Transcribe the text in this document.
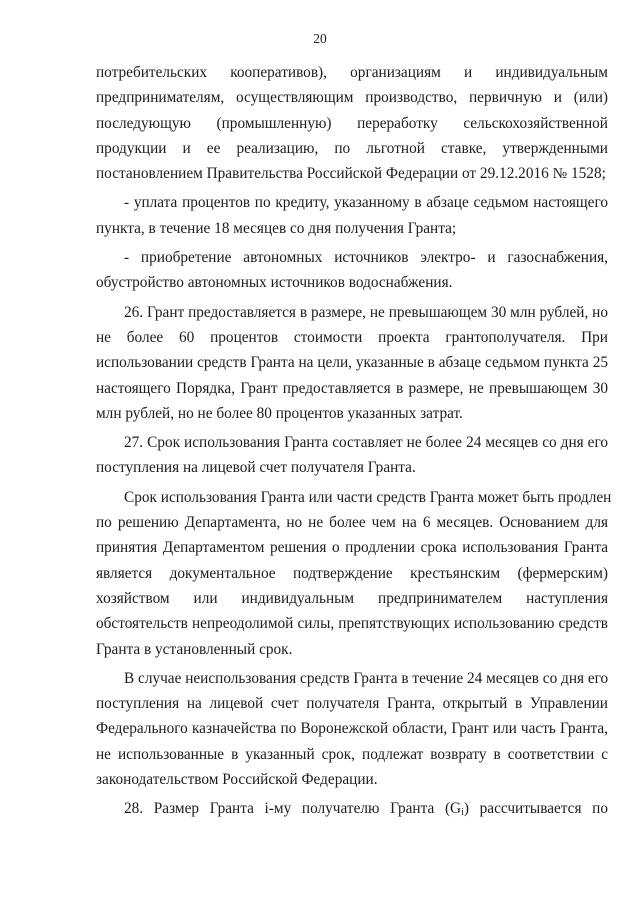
20
потребительских кооперативов), организациям и индивидуальным
предпринимателям, осуществляющим производство, первичную и (или)
последующую (промышленную) переработку сельскохозяйственной
продукции и ее реализацию, по льготной ставке, утвержденными
постановлением Правительства Российской Федерации от 29.12.2016 № 1528;
- уплата процентов по кредиту, указанному в абзаце седьмом настоящего
пункта, в течение 18 месяцев со дня получения Гранта;
- приобретение автономных источников электро- и газоснабжения,
обустройство автономных источников водоснабжения.
26. Грант предоставляется в размере, не превышающем 30 млн рублей, но
не более 60 процентов стоимости проекта грантополучателя. При
использовании средств Гранта на цели, указанные в абзаце седьмом пункта 25
настоящего Порядка, Грант предоставляется в размере, не превышающем 30
млн рублей, но не более 80 процентов указанных затрат.
27. Срок использования Гранта составляет не более 24 месяцев со дня его
поступления на лицевой счет получателя Гранта.
Срок использования Гранта или части средств Гранта может быть продлен
по решению Департамента, но не более чем на 6 месяцев. Основанием для
принятия Департаментом решения о продлении срока использования Гранта
является документальное подтверждение крестьянским (фермерским)
хозяйством или индивидуальным предпринимателем наступления
обстоятельств непреодолимой силы, препятствующих использованию средств
Гранта в установленный срок.
В случае неиспользования средств Гранта в течение 24 месяцев со дня его
поступления на лицевой счет получателя Гранта, открытый в Управлении
Федерального казначейства по Воронежской области, Грант или часть Гранта,
не использованные в указанный срок, подлежат возврату в соответствии с
законодательством Российской Федерации.
28. Размер Гранта i-му получателю Гранта $(G_i)$ рассчитывается по
